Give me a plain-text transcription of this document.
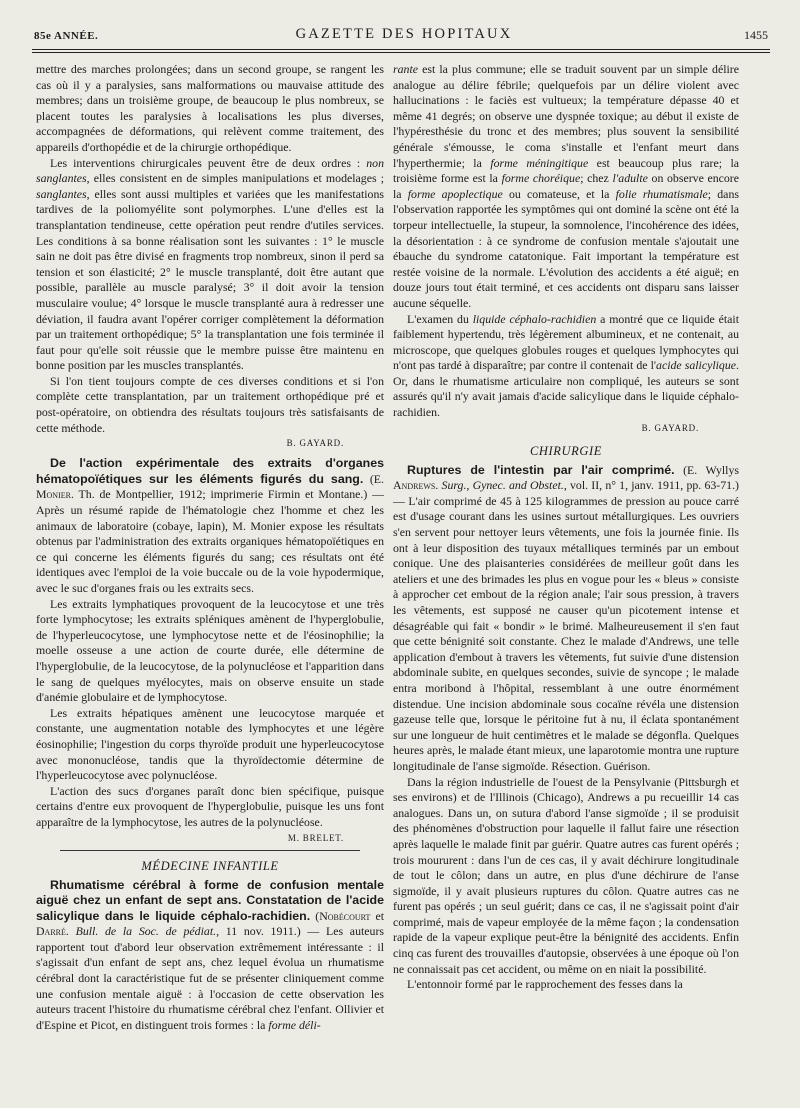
85e ANNÉE.	GAZETTE DES HOPITAUX	1455

mettre des marches prolongées; dans un second groupe, se rangent les cas où il y a paralysies, sans malformations ou mauvaise attitude des membres; dans un troisième groupe, de beaucoup le plus nombreux, se placent toutes les paralysies à localisations les plus diverses, accompagnées de déformations, qui relèvent comme traitement, des appareils d'orthopédie et de la chirurgie orthopédique.

Les interventions chirurgicales peuvent être de deux ordres : non sanglantes, elles consistent en de simples manipulations et modelages ; sanglantes, elles sont aussi multiples et variées que les manifestations tardives de la poliomyélite sont polymorphes. L'une d'elles est la transplantation tendineuse, cette opération peut rendre d'utiles services. Les conditions à sa bonne réalisation sont les suivantes : 1° le muscle sain ne doit pas être divisé en fragments trop nombreux, sinon il perd sa tension et son élasticité; 2° le muscle transplanté, doit être autant que possible, parallèle au muscle paralysé; 3° il doit avoir la tension musculaire voulue; 4° lorsque le muscle transplanté aura à redresser une déviation, il faudra avant l'opérer corriger complètement la déformation par un traitement orthopédique; 5° la transplantation une fois terminée il faut pour qu'elle soit réussie que le membre puisse être maintenu en bonne position par les muscles transplantés.

Si l'on tient toujours compte de ces diverses conditions et si l'on complète cette transplantation, par un traitement orthopédique pré et post-opératoire, on obtiendra des résultats toujours très satisfaisants de cette méthode.

B. GAYARD.

De l'action expérimentale des extraits d'organes hématopoïétiques sur les éléments figurés du sang. (E. Monier. Th. de Montpellier, 1912; imprimerie Firmin et Montane.) — Après un résumé rapide de l'hématologie chez l'homme et chez les animaux de laboratoire (cobaye, lapin), M. Monier expose les résultats obtenus par l'administration des extraits organiques hématopoïétiques en ce qui concerne les éléments figurés du sang; ces résultats ont été identiques avec l'emploi de la voie buccale ou de la voie hypodermique, avec le suc d'organes frais ou les extraits secs.

Les extraits lymphatiques provoquent de la leucocytose et une très forte lymphocytose; les extraits spléniques amènent de l'hyperglobulie, de l'hyperleucocytose, une lymphocytose nette et de l'éosinophilie; la moelle osseuse a une action de courte durée, elle détermine de l'hyperglobulie, de la leucocytose, de la polynucléose et l'apparition dans le sang de quelques myélocytes, mais on observe ensuite un stade d'anémie globulaire et de lymphocytose.

Les extraits hépatiques amènent une leucocytose marquée et constante, une augmentation notable des lymphocytes et une légère éosinophilie; l'ingestion du corps thyroïde produit une hyperleucocytose avec mononucléose, tandis que la thyroïdectomie détermine de l'hyperleucocytose avec polynucléose.

L'action des sucs d'organes paraît donc bien spécifique, puisque certains d'entre eux provoquent de l'hyperglobulie, puisque les uns font apparaître de la lymphocytose, les autres de la polynucléose.

M. BRELET.

MÉDECINE INFANTILE

Rhumatisme cérébral à forme de confusion mentale aiguë chez un enfant de sept ans. Constatation de l'acide salicylique dans le liquide céphalo-rachidien. (Nobécourt et Darré. Bull. de la Soc. de pédiat., 11 nov. 1911.) — Les auteurs rapportent tout d'abord leur observation extrêmement intéressante : il s'agissait d'un enfant de sept ans, chez lequel évolua un rhumatisme cérébral dont la caractéristique fut de se présenter cliniquement comme une confusion mentale aiguë : à l'occasion de cette observation les auteurs tracent l'histoire du rhumatisme cérébral chez l'enfant. Ollivier et d'Espine et Picot, en distinguent trois formes : la forme déli-

rante est la plus commune; elle se traduit souvent par un simple délire analogue au délire fébrile; quelquefois par un délire violent avec hallucinations : le faciès est vultueux; la température dépasse 40 et même 41 degrés; on observe une dyspnée toxique; au début il existe de l'hypéresthésie du tronc et des membres; plus souvent la sensibilité générale s'émousse, le coma s'installe et l'enfant meurt dans l'hyperthermie; la forme méningitique est beaucoup plus rare; la troisième forme est la forme choréique; chez l'adulte on observe encore la forme apoplectique ou comateuse, et la folie rhumatismale; dans l'observation rapportée les symptômes qui ont dominé la scène ont été la torpeur intellectuelle, la stupeur, la somnolence, l'incohérence des idées, la désorientation : à ce syndrome de confusion mentale s'ajoutait une ébauche du syndrome catatonique. Fait important la température est restée voisine de la normale. L'évolution des accidents a été aiguë; en douze jours tout était terminé, et ces accidents ont disparu sans laisser aucune séquelle.

L'examen du liquide céphalo-rachidien a montré que ce liquide était faiblement hypertendu, très légèrement albumineux, et ne contenait, au microscope, que quelques globules rouges et quelques lymphocytes qui n'ont pas tardé à disparaître; par contre il contenait de l'acide salicylique. Or, dans le rhumatisme articulaire non compliqué, les auteurs se sont assurés qu'il n'y avait jamais d'acide salicylique dans le liquide céphalo-rachidien.

B. GAYARD.

CHIRURGIE

Ruptures de l'intestin par l'air comprimé. (E. Wyllys Andrews. Surg., Gynec. and Obstet., vol. II, n° 1, janv. 1911, pp. 63-71.) — L'air comprimé de 45 à 125 kilogrammes de pression au pouce carré est d'usage courant dans les usines surtout métallurgiques. Les ouvriers s'en servent pour nettoyer leurs vêtements, une fois la journée finie. Ils ont à leur disposition des tuyaux métalliques terminés par un embout conique. Une des plaisanteries considérées de meilleur goût dans les ateliers et une des brimades les plus en vogue pour les « bleus » consiste à approcher cet embout de la région anale; l'air sous pression, à travers les vêtements, est supposé ne causer qu'un picotement intense et désagréable qui fait « bondir » le brimé. Malheureusement il s'en faut que cette bénignité soit constante. Chez le malade d'Andrews, une telle application d'embout à travers les vêtements, fut suivie d'une distension abdominale subite, en quelques secondes, suivie de syncope ; le malade entra moribond à l'hôpital, ressemblant à une outre énormément distendue. Une incision abdominale sous cocaïne révéla une distension gazeuse telle que, lorsque le péritoine fut à nu, il éclata spontanément sur une longueur de huit centimètres et le malade se dégonfla. Quelques heures après, le malade étant mieux, une laparotomie montra une rupture longitudinale de l'anse sigmoïde. Résection. Guérison.

Dans la région industrielle de l'ouest de la Pensylvanie (Pittsburgh et ses environs) et de l'Illinois (Chicago), Andrews a pu recueillir 14 cas analogues. Dans un, on sutura d'abord l'anse sigmoïde ; il se produisit des phénomènes d'obstruction pour laquelle il fallut faire une résection après laquelle le malade finit par guérir. Quatre autres cas furent opérés ; trois moururent : dans l'un de ces cas, il y avait déchirure longitudinale de tout le côlon; dans un autre, en plus d'une déchirure de l'anse sigmoïde, il y avait plusieurs ruptures du côlon. Quatre autres cas ne furent pas opérés ; un seul guérit; dans ce cas, il ne s'agissait point d'air comprimé, mais de vapeur employée de la même façon ; la condensation rapide de la vapeur explique peut-être la bénignité des accidents. Enfin cinq cas furent des trouvailles d'autopsie, observées à une époque où l'on ne connaissait pas cet accident, ou même on en niait la possibilité.

L'entonnoir formé par le rapprochement des fesses dans la
